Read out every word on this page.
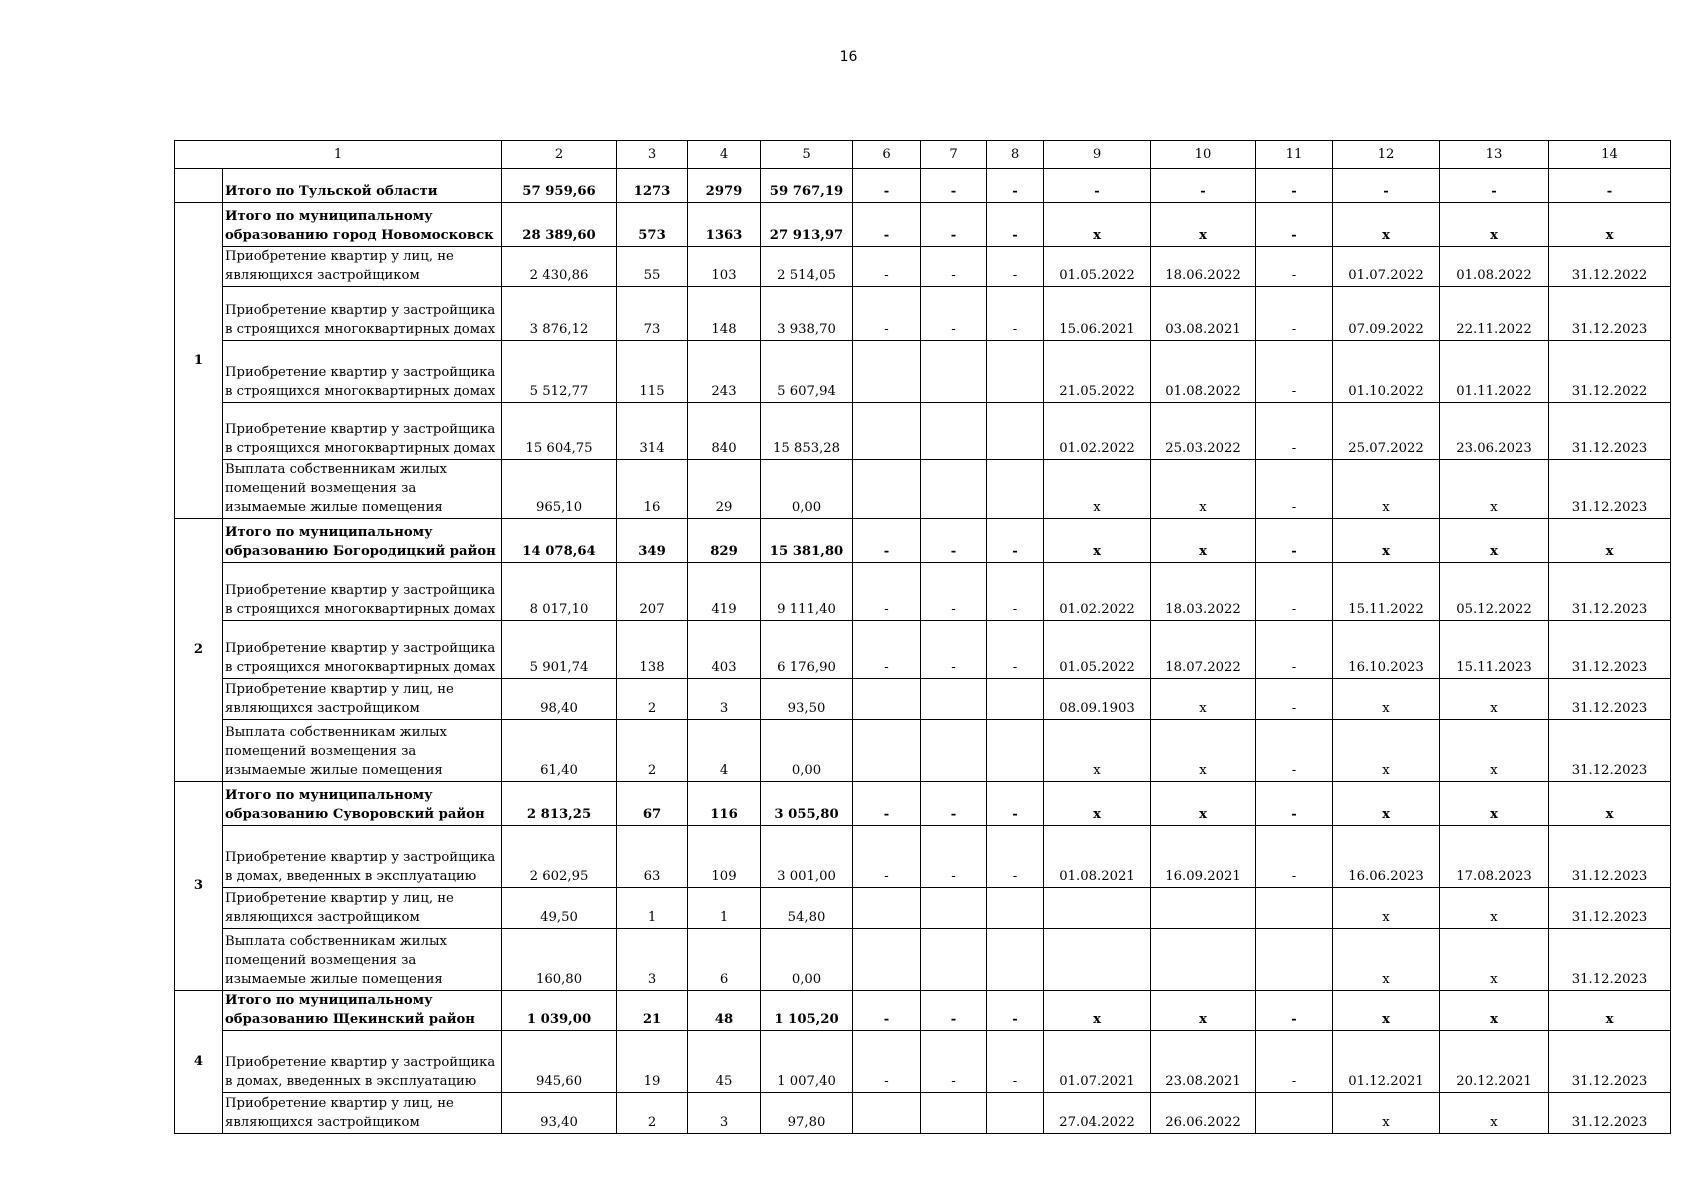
16
1		2	3	4	5	6	7	8	9	10	11	12	13	14
	Итого по Тульской области	57 959,66	1273	2979	59 767,19	-	-	-	-	-	-	-	-	-
1	Итого по муниципальному образованию город Новомосковск	28 389,60	573	1363	27 913,97	-	-	-	x	x	-	x	x	x
	Приобретение квартир у лиц, не являющихся застройщиком	2 430,86	55	103	2 514,05	-	-	-	01.05.2022	18.06.2022	-	01.07.2022	01.08.2022	31.12.2022
	Приобретение квартир у застройщика в строящихся многоквартирных домах	3 876,12	73	148	3 938,70	-	-	-	15.06.2021	03.08.2021	-	07.09.2022	22.11.2022	31.12.2023
	Приобретение квартир у застройщика в строящихся многоквартирных домах	5 512,77	115	243	5 607,94				21.05.2022	01.08.2022	-	01.10.2022	01.11.2022	31.12.2022
	Приобретение квартир у застройщика в строящихся многоквартирных домах	15 604,75	314	840	15 853,28				01.02.2022	25.03.2022	-	25.07.2022	23.06.2023	31.12.2023
	Выплата собственникам жилых помещений возмещения за изымаемые жилые помещения	965,10	16	29	0,00				x	x	-	x	x	31.12.2023
2	Итого по муниципальному образованию Богородицкий район	14 078,64	349	829	15 381,80	-	-	-	x	x	-	x	x	x
	Приобретение квартир у застройщика в строящихся многоквартирных домах	8 017,10	207	419	9 111,40	-	-	-	01.02.2022	18.03.2022	-	15.11.2022	05.12.2022	31.12.2023
	Приобретение квартир у застройщика в строящихся многоквартирных домах	5 901,74	138	403	6 176,90	-	-	-	01.05.2022	18.07.2022	-	16.10.2023	15.11.2023	31.12.2023
	Приобретение квартир у лиц, не являющихся застройщиком	98,40	2	3	93,50				08.09.1903	x	-	x	x	31.12.2023
	Выплата собственникам жилых помещений возмещения за изымаемые жилые помещения	61,40	2	4	0,00				x	x	-	x	x	31.12.2023
3	Итого по муниципальному образованию Суворовский район	2 813,25	67	116	3 055,80	-	-	-	x	x	-	x	x	x
	Приобретение квартир у застройщика в домах, введенных в эксплуатацию	2 602,95	63	109	3 001,00	-	-	-	01.08.2021	16.09.2021	-	16.06.2023	17.08.2023	31.12.2023
	Приобретение квартир у лиц, не являющихся застройщиком	49,50	1	1	54,80							x	x	31.12.2023
	Выплата собственникам жилых помещений возмещения за изымаемые жилые помещения	160,80	3	6	0,00							x	x	31.12.2023
4	Итого по муниципальному образованию Щекинский район	1 039,00	21	48	1 105,20	-	-	-	x	x	-	x	x	x
	Приобретение квартир у застройщика в домах, введенных в эксплуатацию	945,60	19	45	1 007,40	-	-	-	01.07.2021	23.08.2021	-	01.12.2021	20.12.2021	31.12.2023
	Приобретение квартир у лиц, не являющихся застройщиком	93,40	2	3	97,80				27.04.2022	26.06.2022		x	x	31.12.2023
